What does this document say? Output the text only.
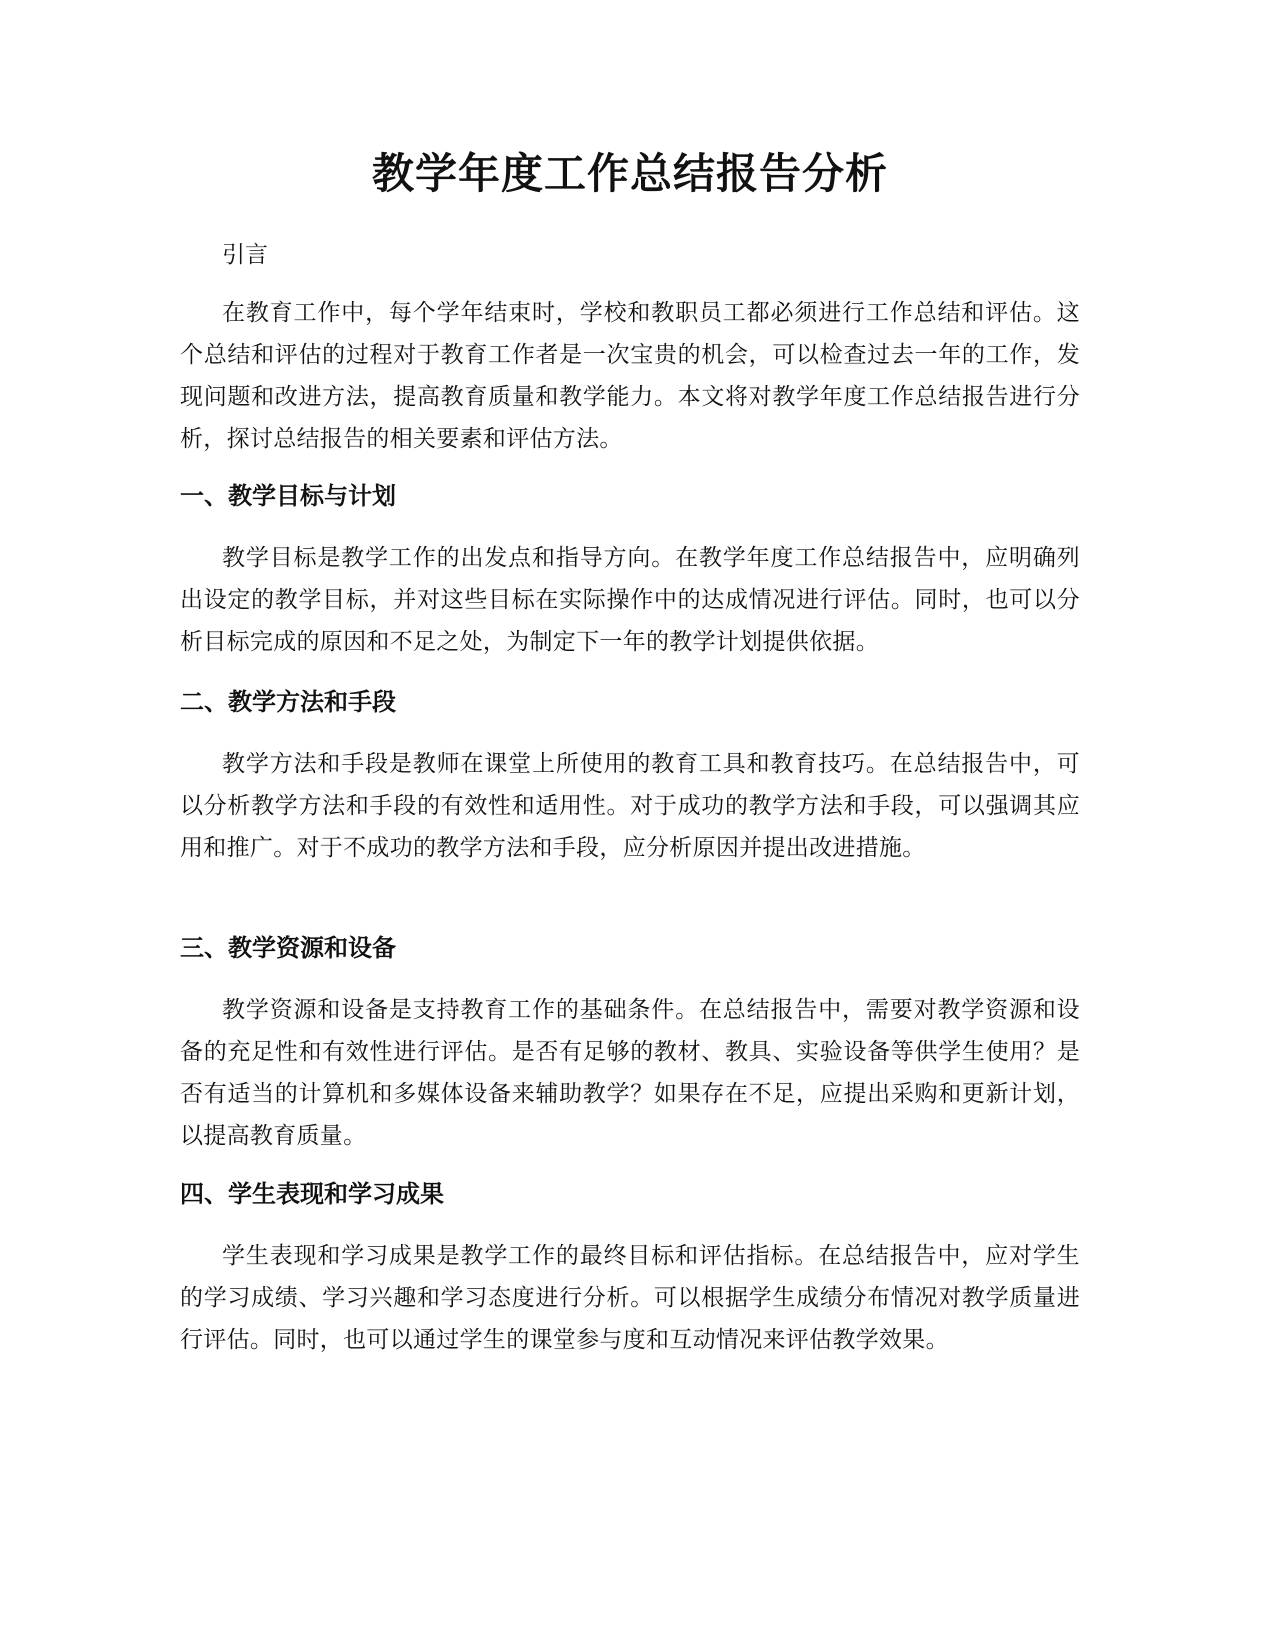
教学年度工作总结报告分析

引言

在教育工作中，每个学年结束时，学校和教职员工都必须进行工作总结和评估。这个总结和评估的过程对于教育工作者是一次宝贵的机会，可以检查过去一年的工作，发现问题和改进方法，提高教育质量和教学能力。本文将对教学年度工作总结报告进行分析，探讨总结报告的相关要素和评估方法。

一、教学目标与计划

教学目标是教学工作的出发点和指导方向。在教学年度工作总结报告中，应明确列出设定的教学目标，并对这些目标在实际操作中的达成情况进行评估。同时，也可以分析目标完成的原因和不足之处，为制定下一年的教学计划提供依据。

二、教学方法和手段

教学方法和手段是教师在课堂上所使用的教育工具和教育技巧。在总结报告中，可以分析教学方法和手段的有效性和适用性。对于成功的教学方法和手段，可以强调其应用和推广。对于不成功的教学方法和手段，应分析原因并提出改进措施。

三、教学资源和设备

教学资源和设备是支持教育工作的基础条件。在总结报告中，需要对教学资源和设备的充足性和有效性进行评估。是否有足够的教材、教具、实验设备等供学生使用？是否有适当的计算机和多媒体设备来辅助教学？如果存在不足，应提出采购和更新计划，以提高教育质量。

四、学生表现和学习成果

学生表现和学习成果是教学工作的最终目标和评估指标。在总结报告中，应对学生的学习成绩、学习兴趣和学习态度进行分析。可以根据学生成绩分布情况对教学质量进行评估。同时，也可以通过学生的课堂参与度和互动情况来评估教学效果。
